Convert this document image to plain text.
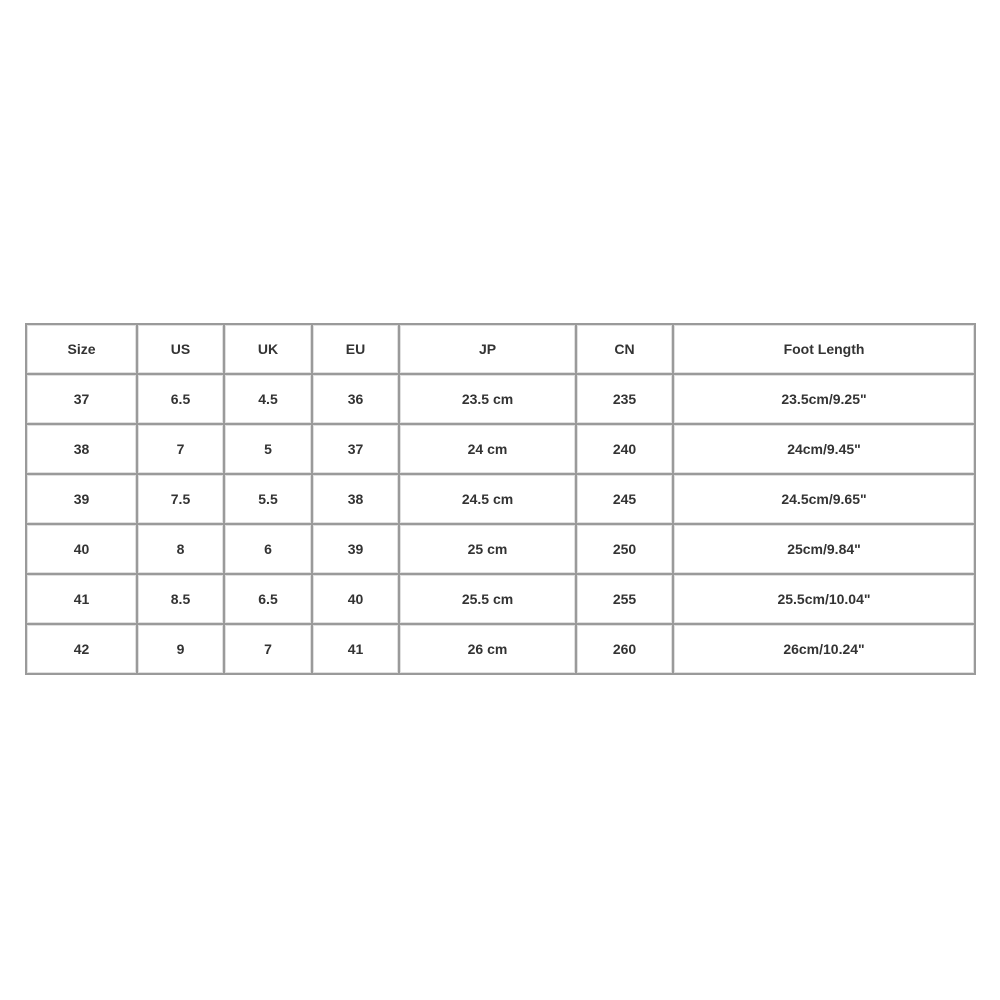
Size	US	UK	EU	JP	CN	Foot Length
37	6.5	4.5	36	23.5 cm	235	23.5cm/9.25"
38	7	5	37	24 cm	240	24cm/9.45"
39	7.5	5.5	38	24.5 cm	245	24.5cm/9.65"
40	8	6	39	25 cm	250	25cm/9.84"
41	8.5	6.5	40	25.5 cm	255	25.5cm/10.04"
42	9	7	41	26 cm	260	26cm/10.24"
